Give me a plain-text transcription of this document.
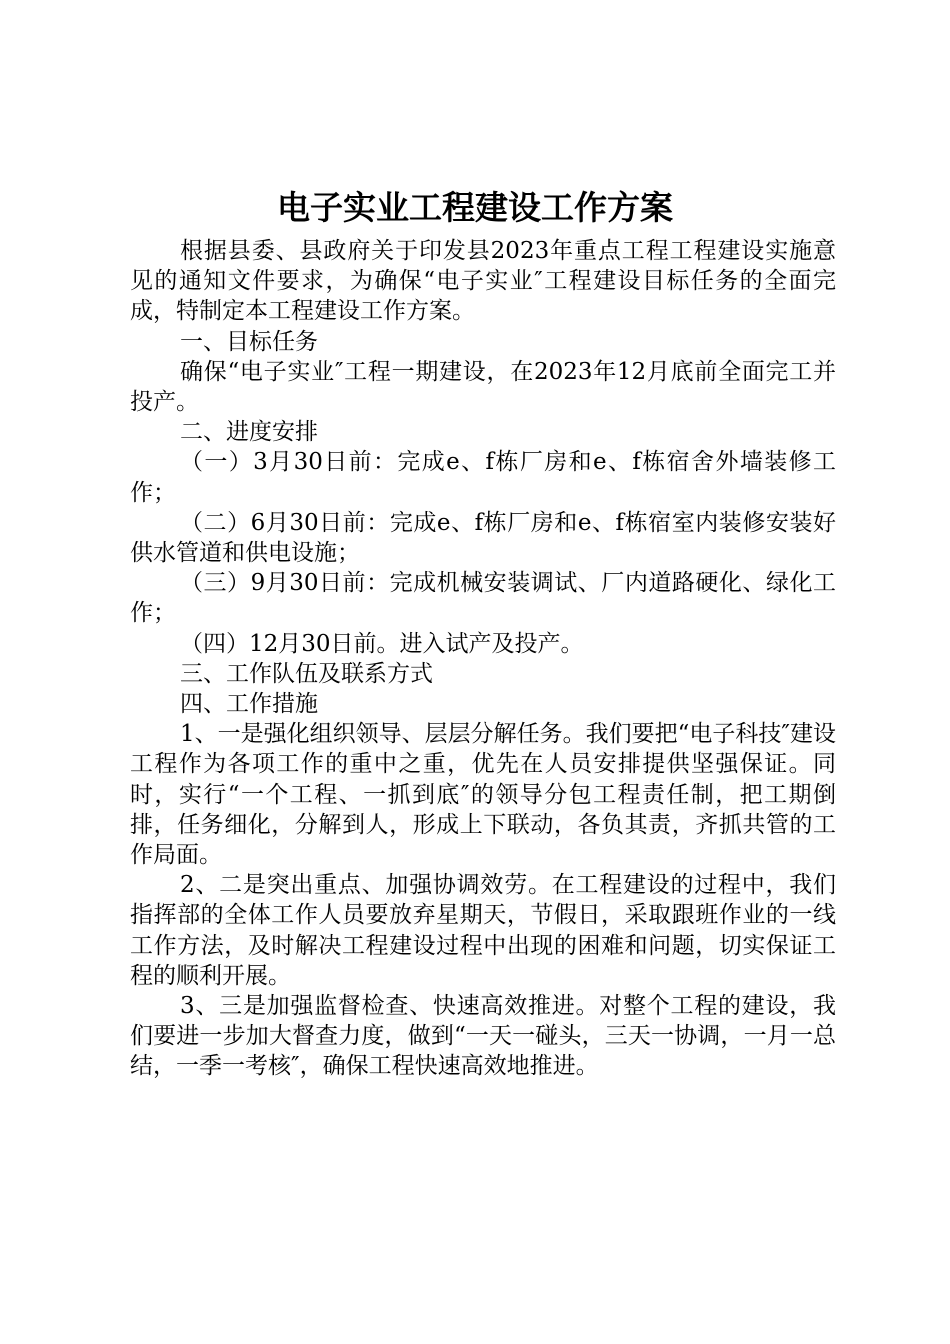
电子实业工程建设工作方案

根据县委、县政府关于印发县2023年重点工程工程建设实施意见的通知文件要求，为确保“电子实业″工程建设目标任务的全面完成，特制定本工程建设工作方案。

一、目标任务

确保“电子实业″工程一期建设，在2023年12月底前全面完工并投产。

二、进度安排

（一）3月30日前：完成e、f栋厂房和e、f栋宿舍外墙装修工作；

（二）6月30日前：完成e、f栋厂房和e、f栋宿室内装修安装好供水管道和供电设施；

（三）9月30日前：完成机械安装调试、厂内道路硬化、绿化工作；

（四）12月30日前。进入试产及投产。

三、工作队伍及联系方式

四、工作措施

1、一是强化组织领导、层层分解任务。我们要把“电子科技″建设工程作为各项工作的重中之重，优先在人员安排提供坚强保证。同时，实行“一个工程、一抓到底″的领导分包工程责任制，把工期倒排，任务细化，分解到人，形成上下联动，各负其责，齐抓共管的工作局面。

2、二是突出重点、加强协调效劳。在工程建设的过程中，我们指挥部的全体工作人员要放弃星期天，节假日，采取跟班作业的一线工作方法，及时解决工程建设过程中出现的困难和问题，切实保证工程的顺利开展。

3、三是加强监督检查、快速高效推进。对整个工程的建设，我们要进一步加大督查力度，做到“一天一碰头，三天一协调，一月一总结，一季一考核″，确保工程快速高效地推进。
